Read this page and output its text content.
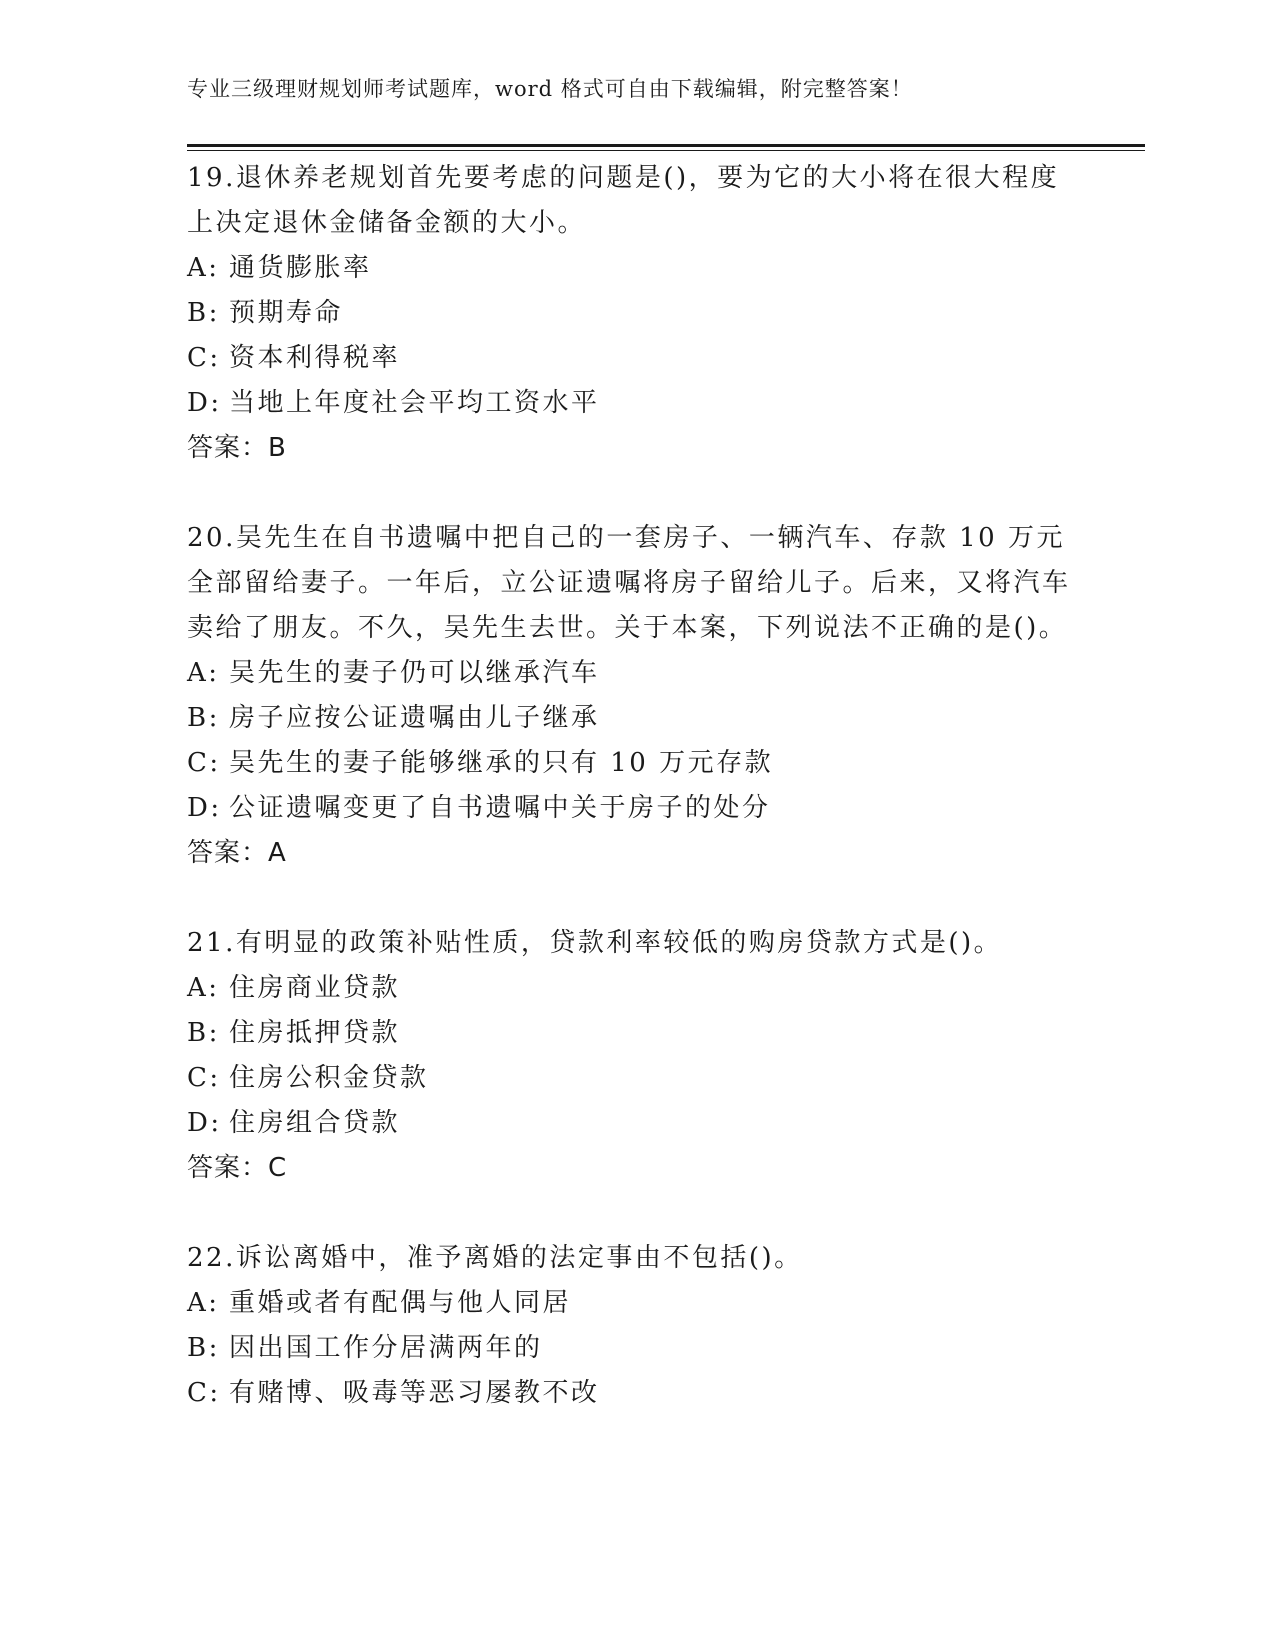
专业三级理财规划师考试题库，word 格式可自由下载编辑，附完整答案！

19.退休养老规划首先要考虑的问题是()，要为它的大小将在很大程度上决定退休金储备金额的大小。

A: 通货膨胀率

B: 预期寿命

C: 资本利得税率

D: 当地上年度社会平均工资水平

答案：B

20.吴先生在自书遗嘱中把自己的一套房子、一辆汽车、存款 10 万元全部留给妻子。一年后，立公证遗嘱将房子留给儿子。后来，又将汽车卖给了朋友。不久，吴先生去世。关于本案，下列说法不正确的是()。

A: 吴先生的妻子仍可以继承汽车

B: 房子应按公证遗嘱由儿子继承

C: 吴先生的妻子能够继承的只有 10 万元存款

D: 公证遗嘱变更了自书遗嘱中关于房子的处分

答案：A

21.有明显的政策补贴性质，贷款利率较低的购房贷款方式是()。

A: 住房商业贷款

B: 住房抵押贷款

C: 住房公积金贷款

D: 住房组合贷款

答案：C

22.诉讼离婚中，准予离婚的法定事由不包括()。

A: 重婚或者有配偶与他人同居

B: 因出国工作分居满两年的

C: 有赌博、吸毒等恶习屡教不改
